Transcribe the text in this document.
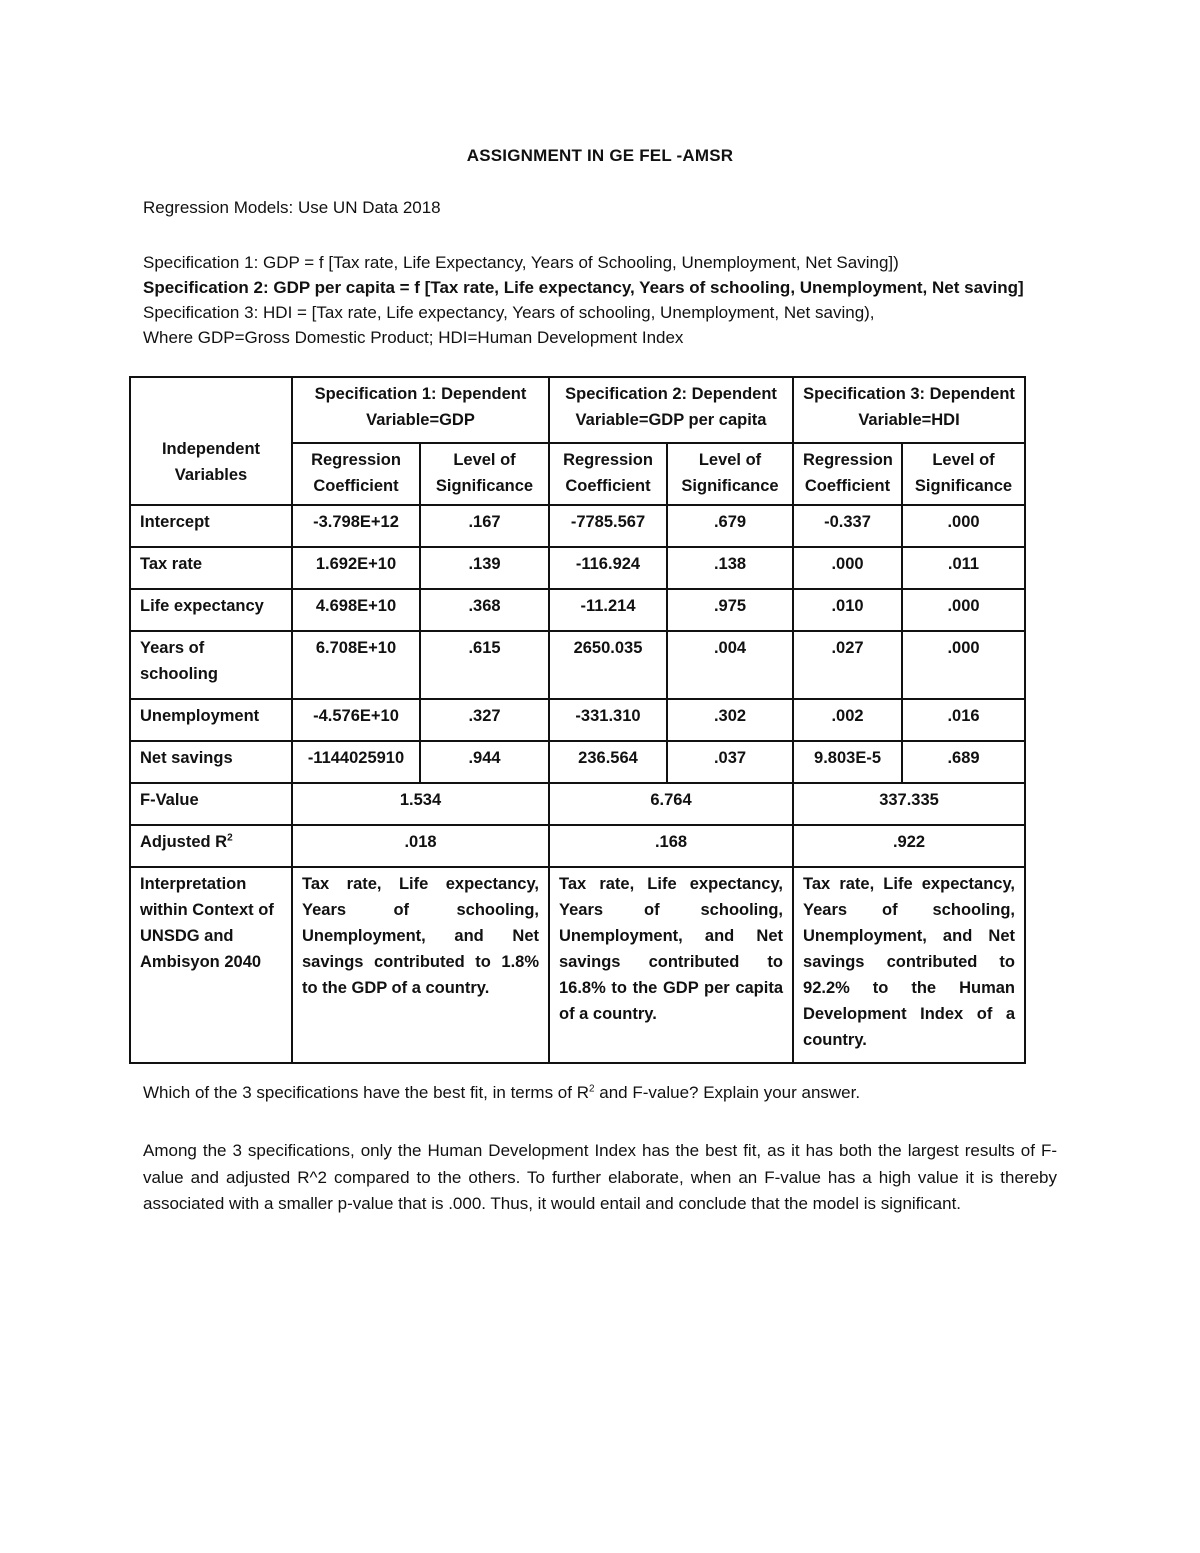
ASSIGNMENT IN GE FEL -AMSR
Regression Models: Use UN Data 2018
Specification 1: GDP = f [Tax rate, Life Expectancy, Years of Schooling, Unemployment, Net Saving])
Specification 2: GDP per capita = f [Tax rate, Life expectancy, Years of schooling, Unemployment, Net saving]
Specification 3: HDI = [Tax rate, Life expectancy, Years of schooling, Unemployment, Net saving),
Where GDP=Gross Domestic Product; HDI=Human Development Index
Independent Variables	Specification 1: Dependent Variable=GDP		Specification 2: Dependent Variable=GDP per capita		Specification 3: Dependent Variable=HDI	
	Regression Coefficient	Level of Significance	Regression Coefficient	Level of Significance	Regression Coefficient	Level of Significance
Intercept	-3.798E+12	.167	-7785.567	.679	-0.337	.000
Tax rate	1.692E+10	.139	-116.924	.138	.000	.011
Life expectancy	4.698E+10	.368	-11.214	.975	.010	.000
Years of schooling	6.708E+10	.615	2650.035	.004	.027	.000
Unemployment	-4.576E+10	.327	-331.310	.302	.002	.016
Net savings	-1144025910	.944	236.564	.037	9.803E-5	.689
F-Value	1.534		6.764		337.335	
Adjusted $R^2$	.018		.168		.922	
Interpretation within Context of UNSDG and Ambisyon 2040	Tax rate, Life expectancy, Years of schooling, Unemployment, and Net savings contributed to 1.8% to the GDP of a country.		Tax rate, Life expectancy, Years of schooling, Unemployment, and Net savings contributed to 16.8% to the GDP per capita of a country.		Tax rate, Life expectancy, Years of schooling, Unemployment, and Net savings contributed to 92.2% to the Human Development Index of a country.	
Which of the 3 specifications have the best fit, in terms of $R^2$ and F-value? Explain your answer.
Among the 3 specifications, only the Human Development Index has the best fit, as it has both the largest results of F-value and adjusted R^2 compared to the others. To further elaborate, when an F-value has a high value it is thereby associated with a smaller p-value that is .000. Thus, it would entail and conclude that the model is significant.
